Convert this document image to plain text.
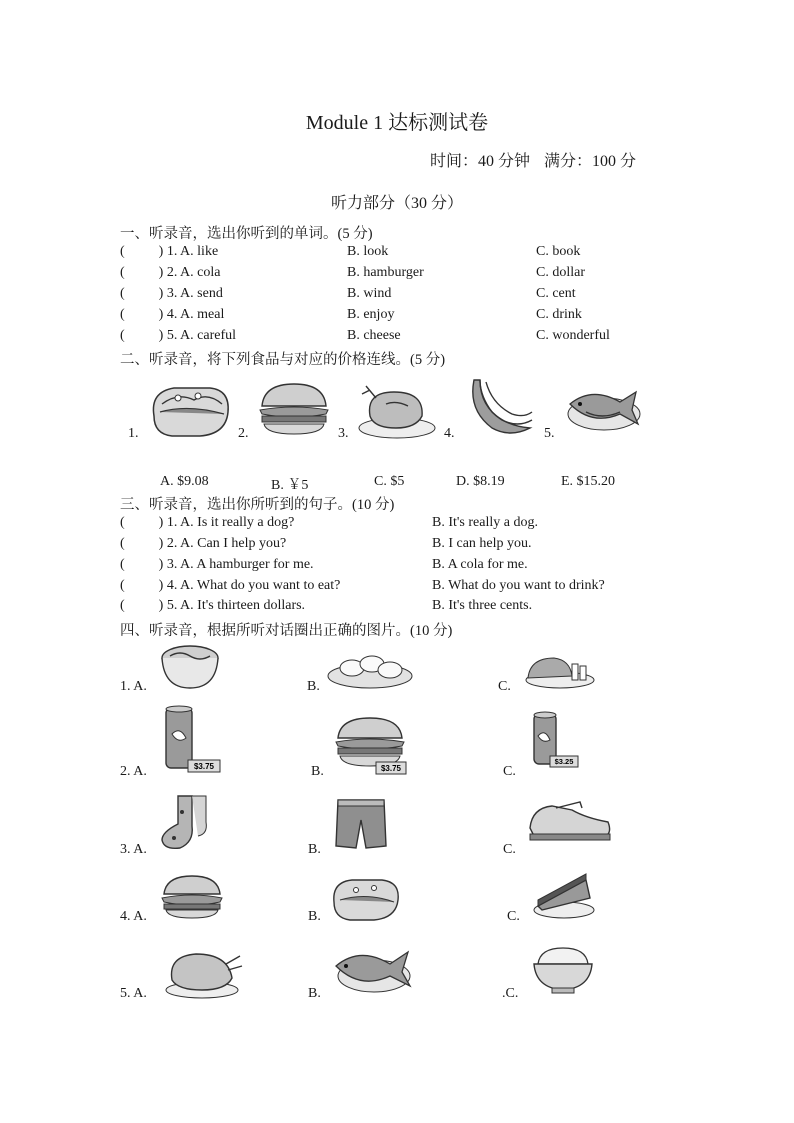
Module 1 达标测试卷
时间：40 分钟 满分：100 分
听力部分（30 分）
一、听录音，选出你听到的单词。(5 分)
( ) 1. A. like	B. look	C. book
( ) 2. A. cola	B. hamburger	C. dollar
( ) 3. A. send	B. wind	C. cent
( ) 4. A. meal	B. enjoy	C. drink
( ) 5. A. careful	B. cheese	C. wonderful
二、听录音，将下列食品与对应的价格连线。(5 分)
1.	2.	3.	4.	5.
A. $9.08	B. ￥5	C. $5	D. $8.19	E. $15.20
三、听录音，选出你所听到的句子。(10 分)
( ) 1. A. Is it really a dog?	B. It's really a dog.
( ) 2. A. Can I help you?	B. I can help you.
( ) 3. A. A hamburger for me.	B. A cola for me.
( ) 4. A. What do you want to eat?	B. What do you want to drink?
( ) 5. A. It's thirteen dollars.	B. It's three cents.
四、听录音，根据所听对话圈出正确的图片。(10 分)
1. A.	B.	C.
2. A.	B.	C.
$3.75	$3.75
$3.25
3. A.	B.	C.
4. A.	B.	C.
5. A.	B.	.C.
